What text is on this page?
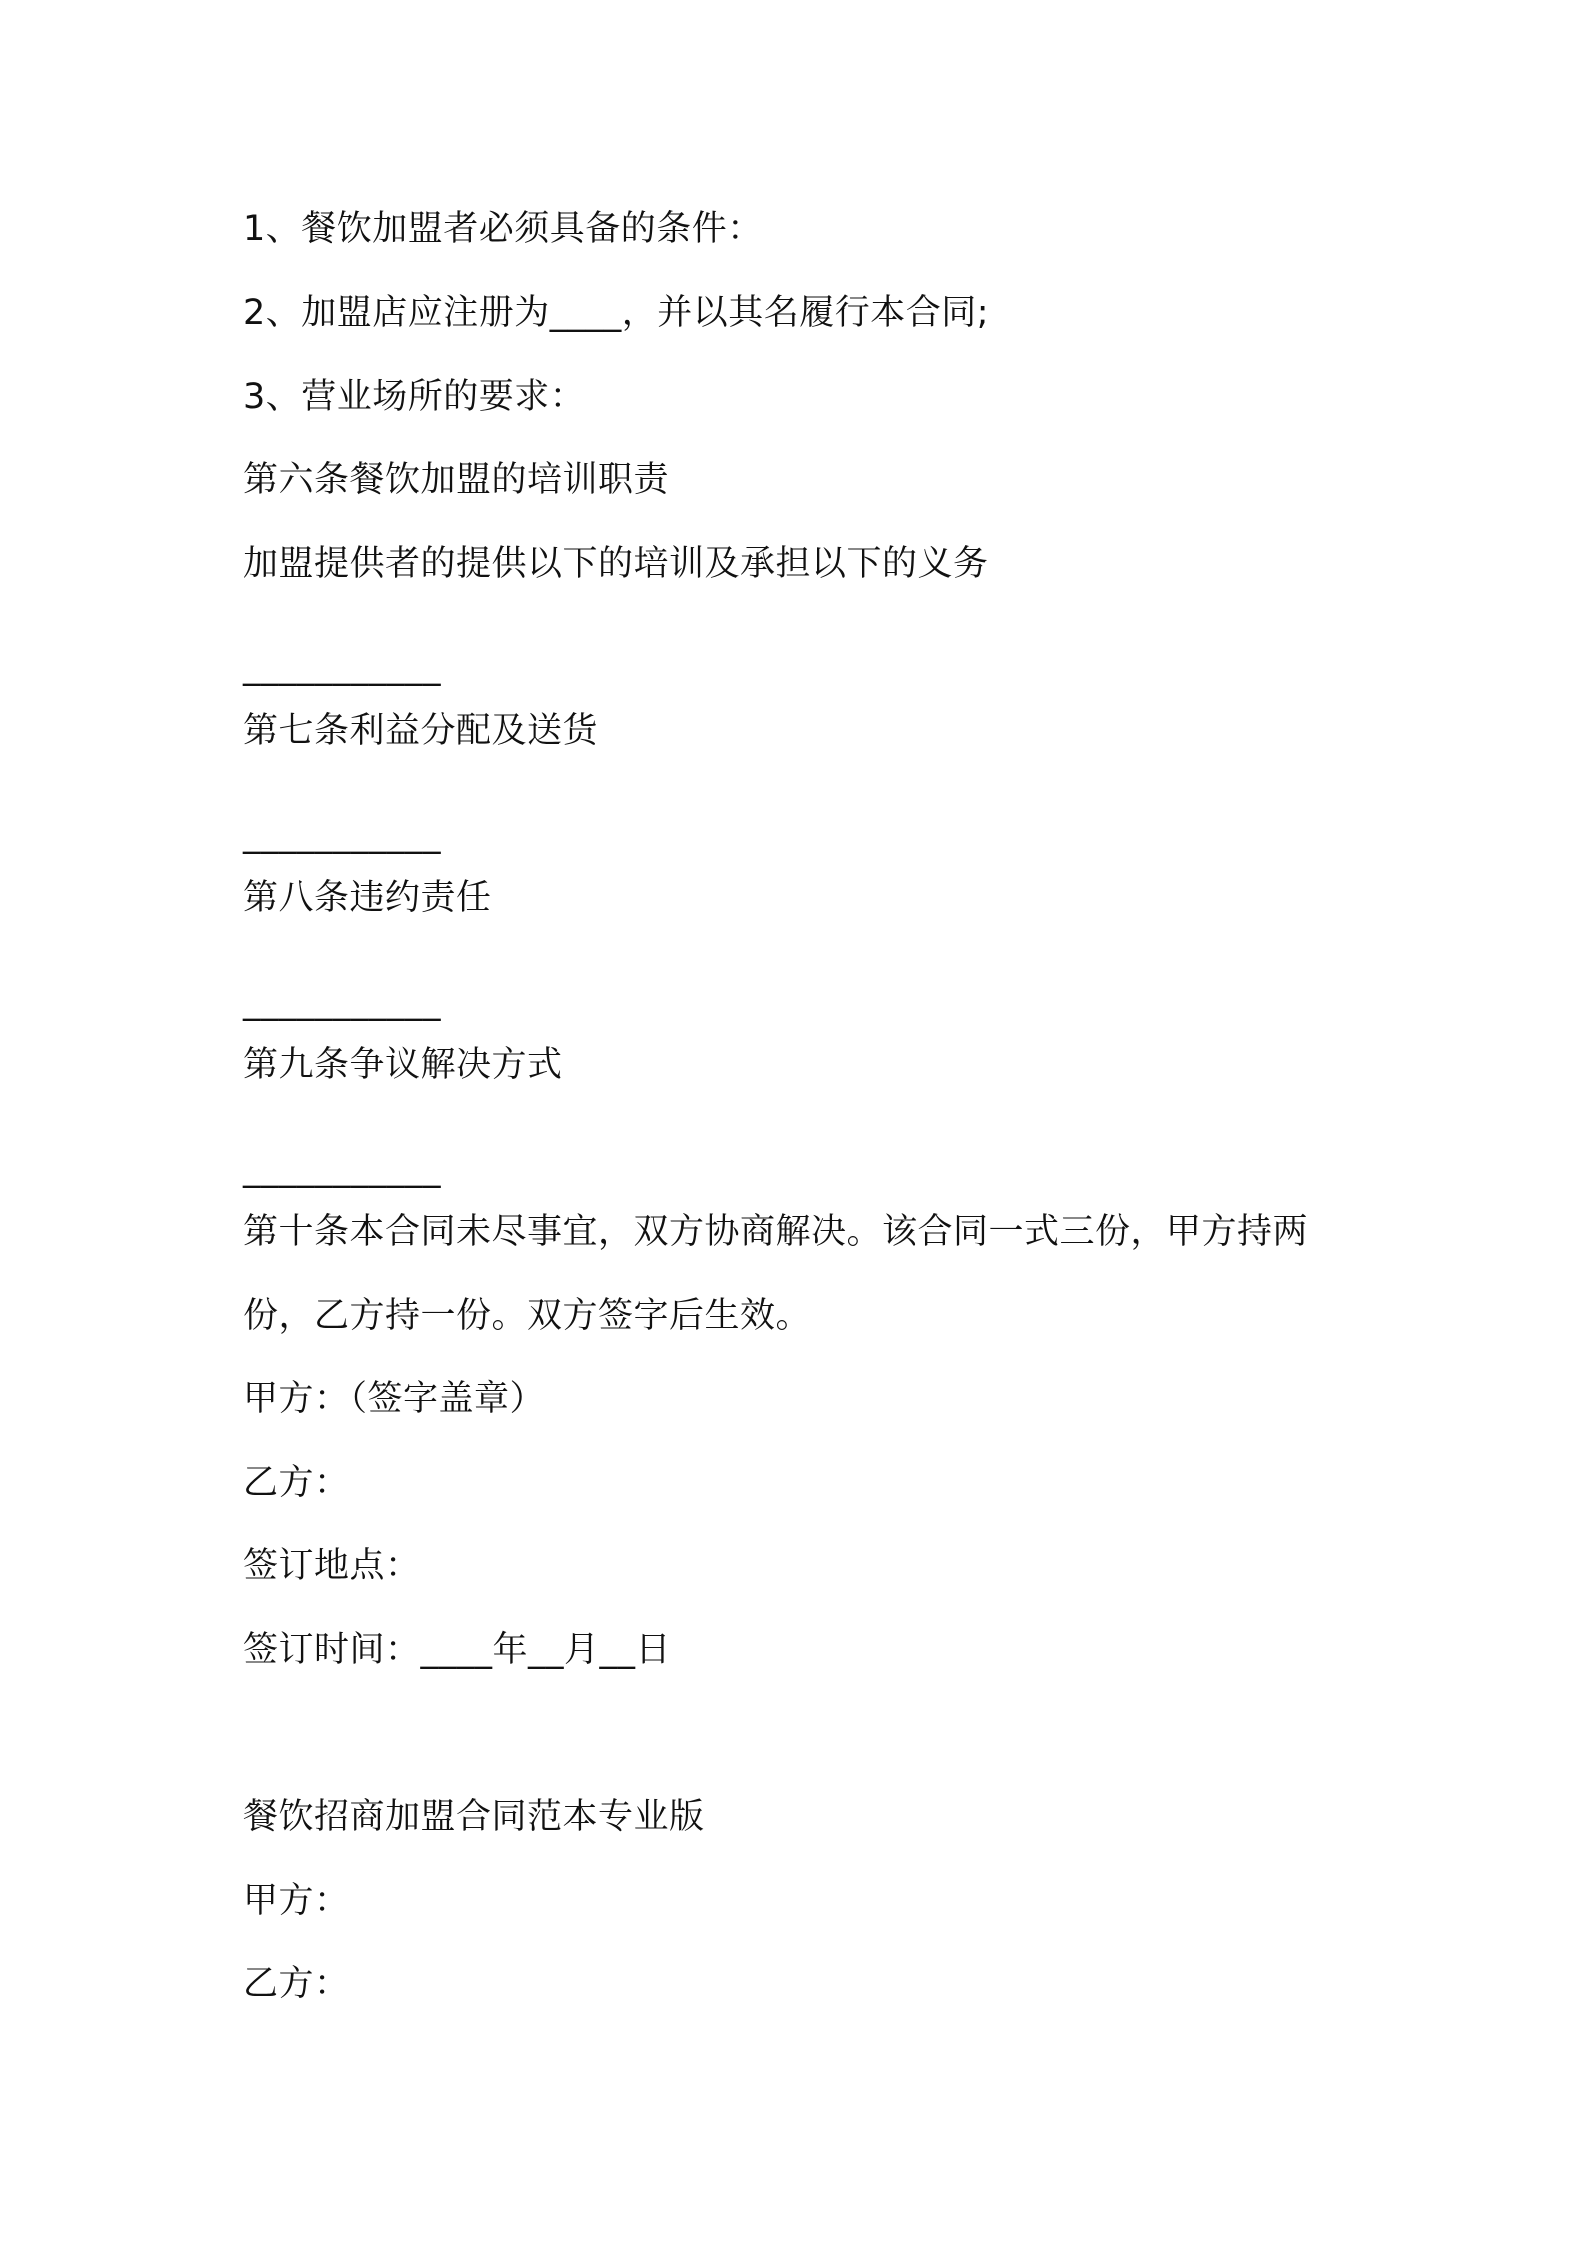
1、餐饮加盟者必须具备的条件：
2、加盟店应注册为____，并以其名履行本合同;
3、营业场所的要求：
第六条餐饮加盟的培训职责
加盟提供者的提供以下的培训及承担以下的义务
___________
第七条利益分配及送货
___________
第八条违约责任
___________
第九条争议解决方式
___________
第十条本合同未尽事宜，双方协商解决。该合同一式三份，甲方持两
份，乙方持一份。双方签字后生效。
甲方：（签字盖章）
乙方：
签订地点：
签订时间：____年__月__日
餐饮招商加盟合同范本专业版
甲方：
乙方：
